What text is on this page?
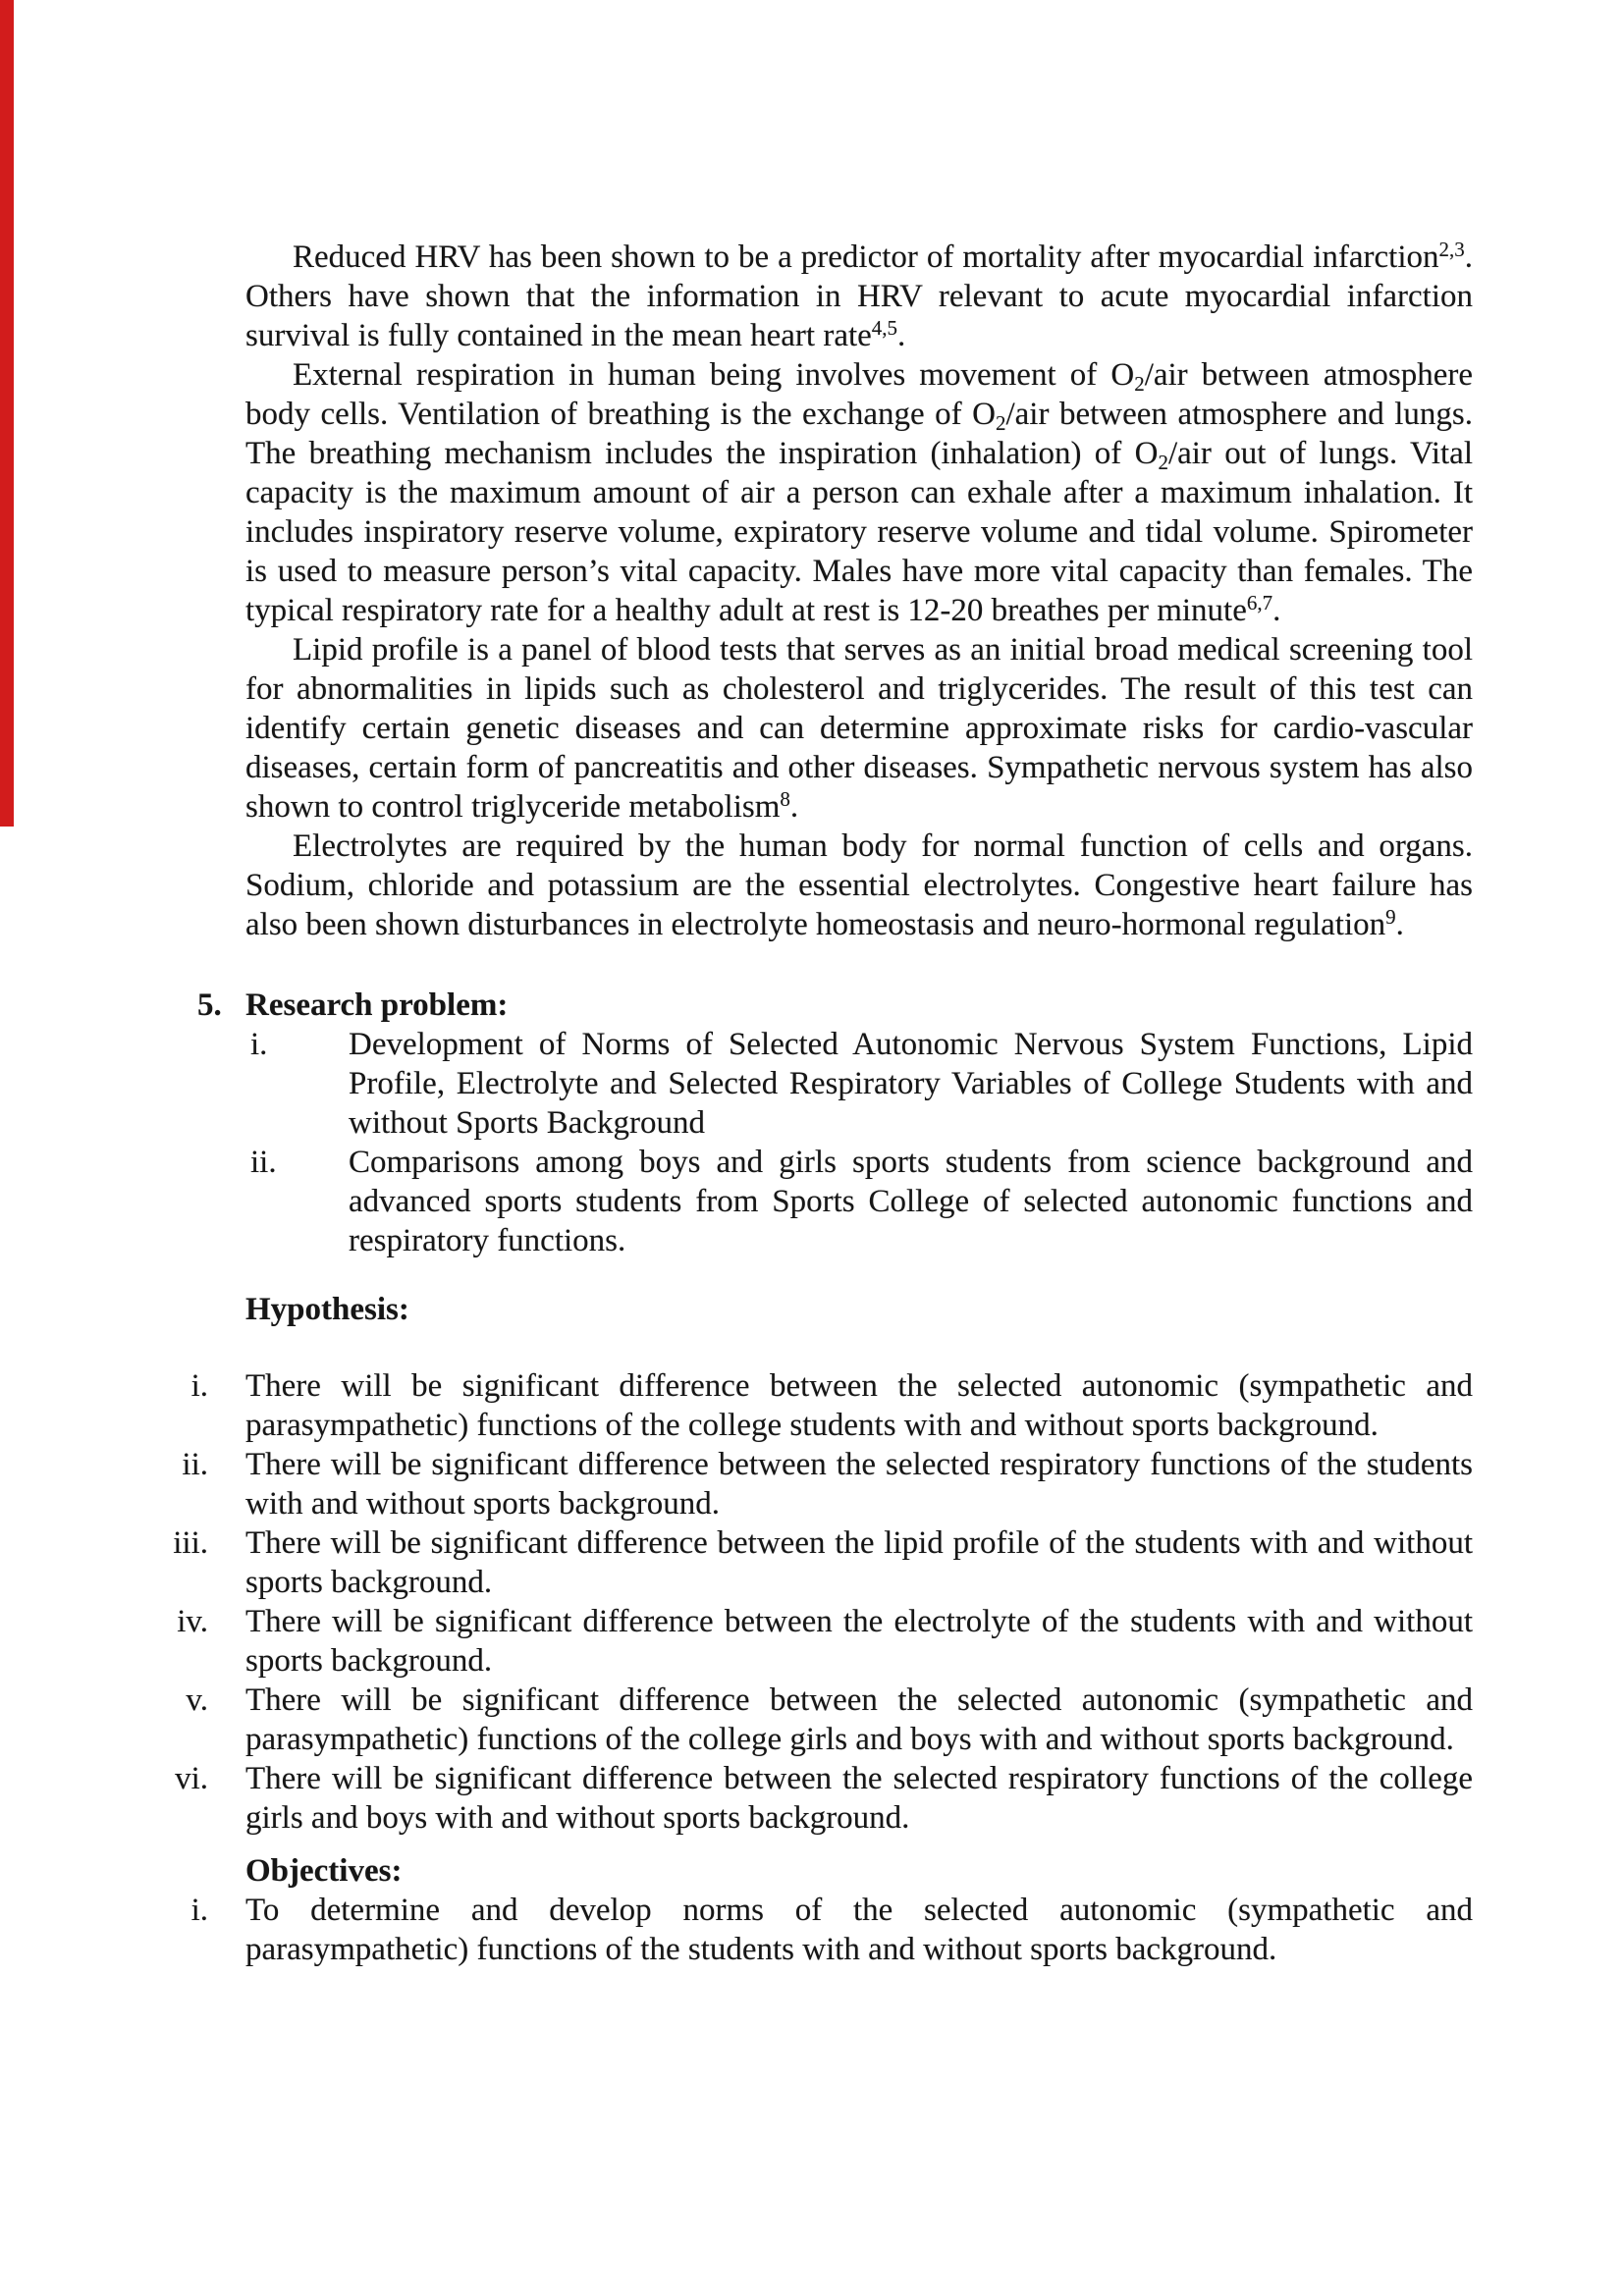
Reduced HRV has been shown to be a predictor of mortality after myocardial infarction$^{2,3}$. Others have shown that the information in HRV relevant to acute myocardial infarction survival is fully contained in the mean heart rate$^{4,5}$.

External respiration in human being involves movement of O2/air between atmosphere body cells. Ventilation of breathing is the exchange of O2/air between atmosphere and lungs. The breathing mechanism includes the inspiration (inhalation) of O2/air out of lungs. Vital capacity is the maximum amount of air a person can exhale after a maximum inhalation. It includes inspiratory reserve volume, expiratory reserve volume and tidal volume. Spirometer is used to measure person’s vital capacity. Males have more vital capacity than females. The typical respiratory rate for a healthy adult at rest is 12-20 breathes per minute$^{6,7}$.

Lipid profile is a panel of blood tests that serves as an initial broad medical screening tool for abnormalities in lipids such as cholesterol and triglycerides. The result of this test can identify certain genetic diseases and can determine approximate risks for cardio-vascular diseases, certain form of pancreatitis and other diseases. Sympathetic nervous system has also shown to control triglyceride metabolism$^8$.

Electrolytes are required by the human body for normal function of cells and organs. Sodium, chloride and potassium are the essential electrolytes. Congestive heart failure has also been shown disturbances in electrolyte homeostasis and neuro-hormonal regulation$^9$.

5. Research problem:
i.	Development of Norms of Selected Autonomic Nervous System Functions, Lipid Profile, Electrolyte and Selected Respiratory Variables of College Students with and without Sports Background
ii.	Comparisons among boys and girls sports students from science background and advanced sports students from Sports College of selected autonomic functions and respiratory functions.
Hypothesis:

i. There will be significant difference between the selected autonomic (sympathetic and parasympathetic) functions of the college students with and without sports background.

ii. There will be significant difference between the selected respiratory functions of the students with and without sports background.

iii. There will be significant difference between the lipid profile of the students with and without sports background.

iv. There will be significant difference between the electrolyte of the students with and without sports background.

v. There will be significant difference between the selected autonomic (sympathetic and parasympathetic) functions of the college girls and boys with and without sports background.

vi. There will be significant difference between the selected respiratory functions of the college girls and boys with and without sports background.

Objectives:

i. To determine and develop norms of the selected autonomic (sympathetic and parasympathetic) functions of the students with and without sports background.
